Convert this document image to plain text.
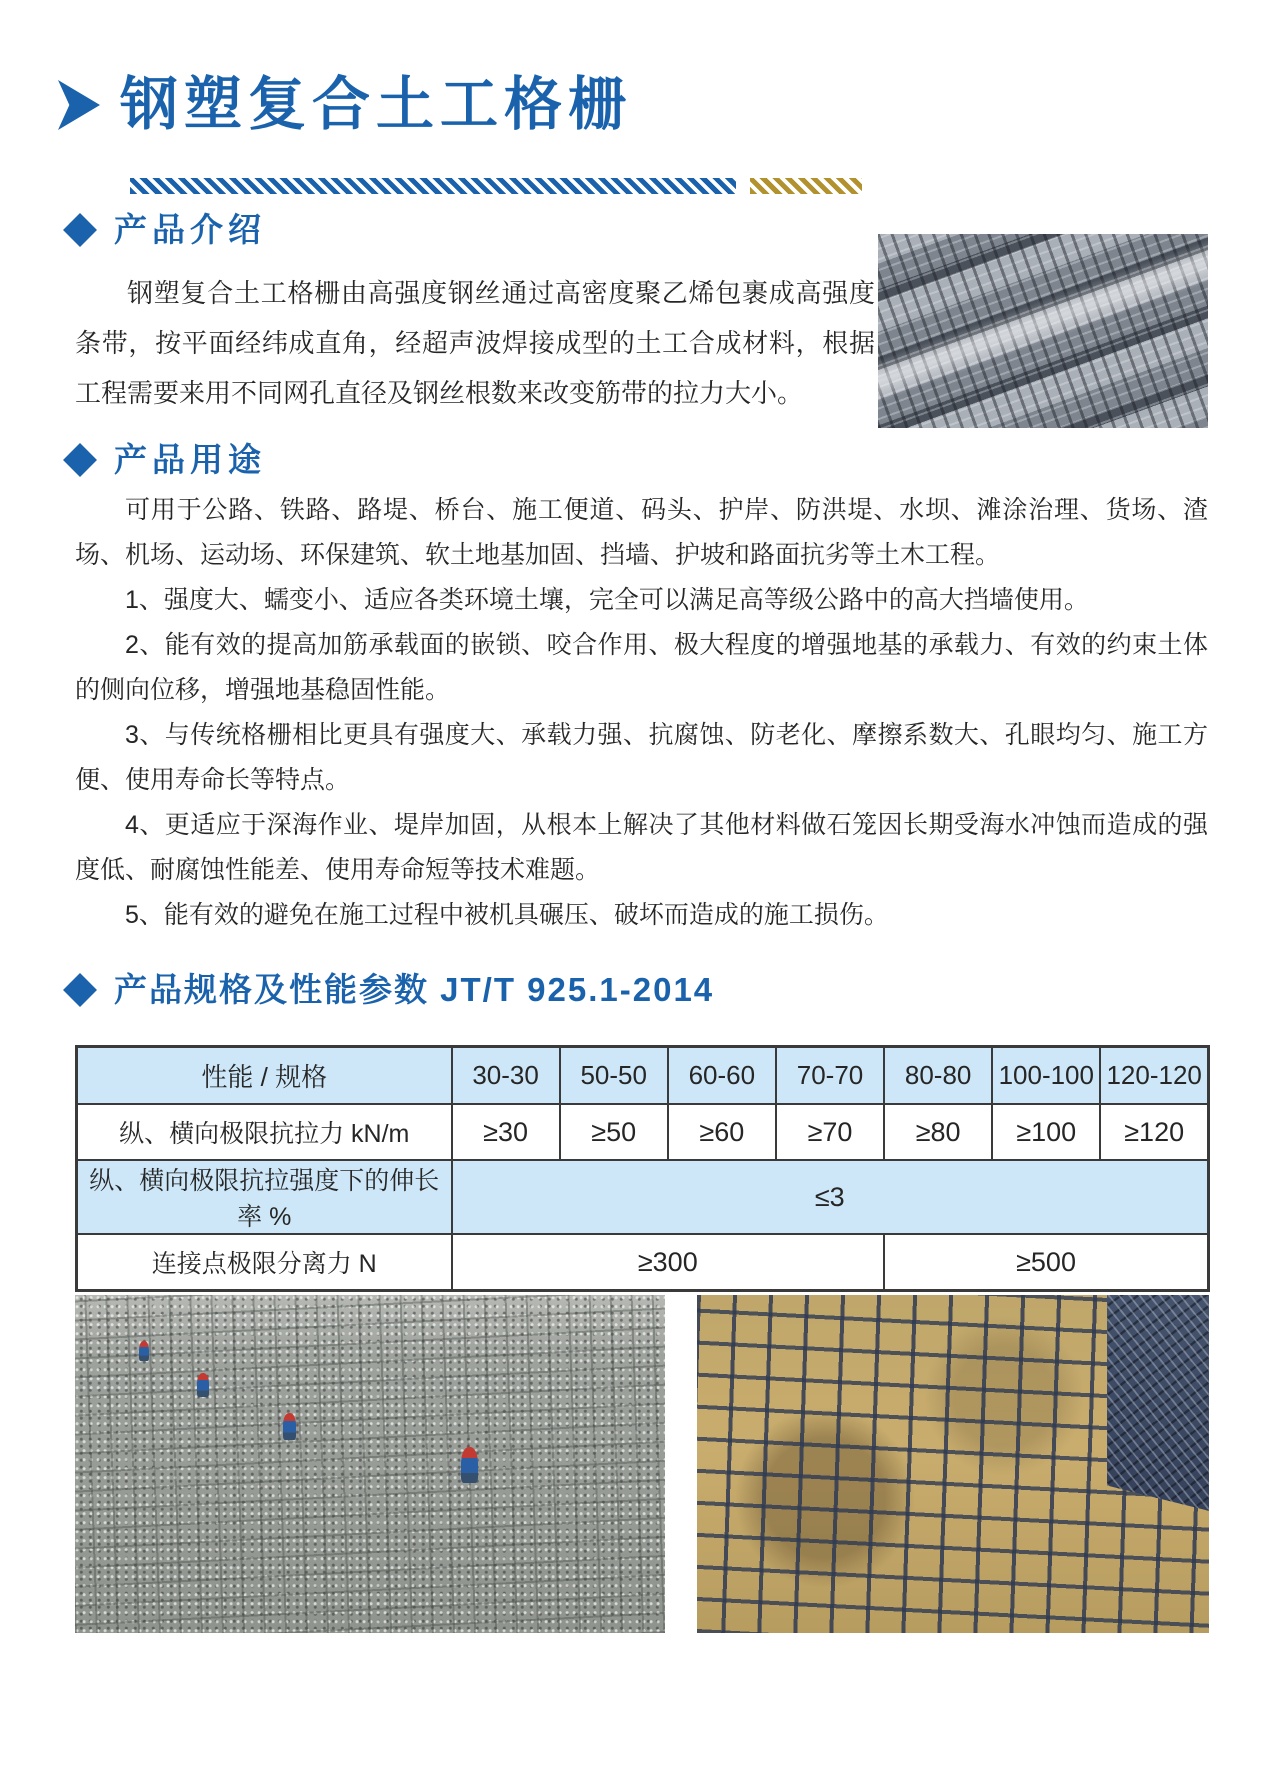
钢塑复合土工格栅
产品介绍

钢塑复合土工格栅由高强度钢丝通过高密度聚乙烯包裹成高强度条带，按平面经纬成直角，经超声波焊接成型的土工合成材料，根据工程需要来用不同网孔直径及钢丝根数来改变筋带的拉力大小。

产品用途

可用于公路、铁路、路堤、桥台、施工便道、码头、护岸、防洪堤、水坝、滩涂治理、货场、渣场、机场、运动场、环保建筑、软土地基加固、挡墙、护坡和路面抗劣等土木工程。

1、强度大、蠕变小、适应各类环境土壤，完全可以满足高等级公路中的高大挡墙使用。

2、能有效的提高加筋承载面的嵌锁、咬合作用、极大程度的增强地基的承载力、有效的约束土体的侧向位移，增强地基稳固性能。

3、与传统格栅相比更具有强度大、承载力强、抗腐蚀、防老化、摩擦系数大、孔眼均匀、施工方便、使用寿命长等特点。

4、更适应于深海作业、堤岸加固，从根本上解决了其他材料做石笼因长期受海水冲蚀而造成的强度低、耐腐蚀性能差、使用寿命短等技术难题。

5、能有效的避免在施工过程中被机具碾压、破坏而造成的施工损伤。

产品规格及性能参数 JT/T 925.1-2014
性能 / 规格	30-30	50-50	60-60	70-70	80-80	100-100	120-120
纵、横向极限抗拉力 kN/m	≥30	≥50	≥60	≥70	≥80	≥100	≥120
纵、横向极限抗拉强度下的伸长率 %	≤3						
连接点极限分离力 N	≥300				≥500		
